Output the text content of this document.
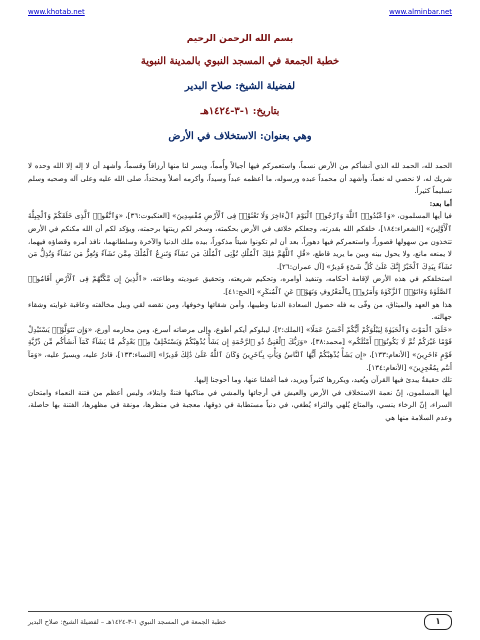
www.khotab.net	www.alminbar.net
بسم الله الرحمن الرحيم
خطبة الجمعة في المسجد النبوي بالمدينة النبوية
لفضيلة الشيخ: صلاح البدير
بتاريخ: ١-٣-١٤٢٤هـ
وهي بعنوان: الاستخلاف في الأرض

الحمد لله، الحمد لله الذي أنشأكم من الأرض نسماً، واستعمركم فيها أجيالاً وأُمماً، ويسر لنا منها أرزاقاً وقسماً، وأشهد أن لا إله إلا الله وحده لا شريك له، لا نحصي له نعماً، وأشهد أن محمداً عبده ورسوله، ما أعظمه عبداً وسيداً، وأكرمه أصلاً ومحتداً، صلى الله عليه وعلى آله وصحبه وسلم تسليماً كثيراً.

أما بعد:

فيا أيها المسلمون، «وَٱعْبُدُوا۟ ٱللَّهَ وَٱرْجُوا۟ ٱلْيَوْمَ ٱلْءَاخِرَ وَلَا تَعْثَوْا۟ فِى ٱلْأَرْضِ مُفْسِدِينَ» [العنكبوت:٣٦]، «وَٱتَّقُوا۟ ٱلَّذِى خَلَقَكُمْ وَٱلْجِبِلَّةَ ٱلْأَوَّلِينَ» [الشعراء:١٨٤]، خلقكم الله بقدرته، وجعلكم خلائف في الأرض بحكمته، وسخر لكم زينتها برحمته، ويؤكد لكم أن الله مكنكم في الأرض تتخذون من سهولها قصوراً، واستعمركم فيها دهوراً، بعد أن لم تكونوا شيئاً مذكوراً، بيده ملك الدنيا والآخرة وسلطانهما، نافذ أمره وقضاؤه فيهما، لا يمنعه مانع، ولا يحول بينه وبين ما يريد قاطع، «قُلِ ٱللَّهُمَّ مَٰلِكَ ٱلْمُلْكِ تُؤْتِى ٱلْمُلْكَ مَن تَشَآءُ وَتَنزِعُ ٱلْمُلْكَ مِمَّن تَشَآءُ وَتُعِزُّ مَن تَشَآءُ وَتُذِلُّ مَن تَشَآءُ بِيَدِكَ ٱلْخَيْرُ إِنَّكَ عَلَىٰ كُلِّ شَىْءٍ قَدِيرٌ» [آل عمران:٢٦].

استخلفكم في هذه الأرض لإقامة أحكامه، وتنفيذ أوامره، وتحكيم شريعته، وتحقيق عبوديته وطاعته، «ٱلَّذِينَ إِن مَّكَّنَّٰهُمْ فِى ٱلْأَرْضِ أَقَامُوا۟ ٱلصَّلَوٰةَ وَءَاتَوُا۟ ٱلزَّكَوٰةَ وَأَمَرُوا۟ بِٱلْمَعْرُوفِ وَنَهَوْا۟ عَنِ ٱلْمُنكَرِ» [الحج:٤١].

هذا هو العهد والميثاق، من وفّى به فله حصول السعادة الدنيا وطيبها، وأمن شقائها وخوفها، ومن نقضه لقي وبيل مخالفته وعاقبة غوايته وشقاء جهالته.

«خَلَقَ ٱلْمَوْتَ وَٱلْحَيَوٰةَ لِيَبْلُوَكُمْ أَيُّكُمْ أَحْسَنُ عَمَلًا» [الملك:٢]، ليبلوكم أيكم أطوع، وإلى مرضاته أسرع، ومن محارمه أورع، «وَإِن تَتَوَلَّوْا۟ يَسْتَبْدِلْ قَوْمًا غَيْرَكُمْ ثُمَّ لَا يَكُونُوٓا۟ أَمْثَٰلَكُم» [محمد:٣٨]، «وَرَبُّكَ ٱلْغَنِىُّ ذُو ٱلرَّحْمَةِ إِن يَشَأْ يُذْهِبْكُمْ وَيَسْتَخْلِفْ مِنۢ بَعْدِكُم مَّا يَشَآءُ كَمَآ أَنشَأَكُم مِّن ذُرِّيَّةِ قَوْمٍ ءَاخَرِينَ» [الأنعام:١٣٣]، «إِن يَشَأْ يُذْهِبْكُمْ أَيُّهَا ٱلنَّاسُ وَيَأْتِ بِـَٔاخَرِينَ وَكَانَ ٱللَّهُ عَلَىٰ ذَٰلِكَ قَدِيرًا» [النساء:١٣٣]، قادرٌ عليه، ويسيرٌ عليه، «وَمَآ أَنتُم بِمُعْجِزِينَ» [الأنعام:١٣٤].

تلك حقيقةٌ يبدئ فيها القرآن ويُعيد، ويكررها كثيراً ويزيد، فما أغفلنا عنها، وما أحوجنا إليها.

أيها المسلمون، إنّ نعمة الاستخلاف في الأرض والعيش في أرجائها والمشي في مناكبها فتنةٌ وابتلاء، وليس أعظم من فتنة النعماء وامتحان السراء، إنّ الرخاء ينسي، والمتاع يُلهي والثراء يُطغي، في دنياً مستطابة في ذوقها، معجبة في منظرها، مونقة في مظهرها، الفتنة بها حاصلة، وعدم السلامة منها هي

١
خطبة الجمعة في المسجد النبوي ١-٣-١٤٢٤هـ – لفضيلة الشيخ: صلاح البدير
